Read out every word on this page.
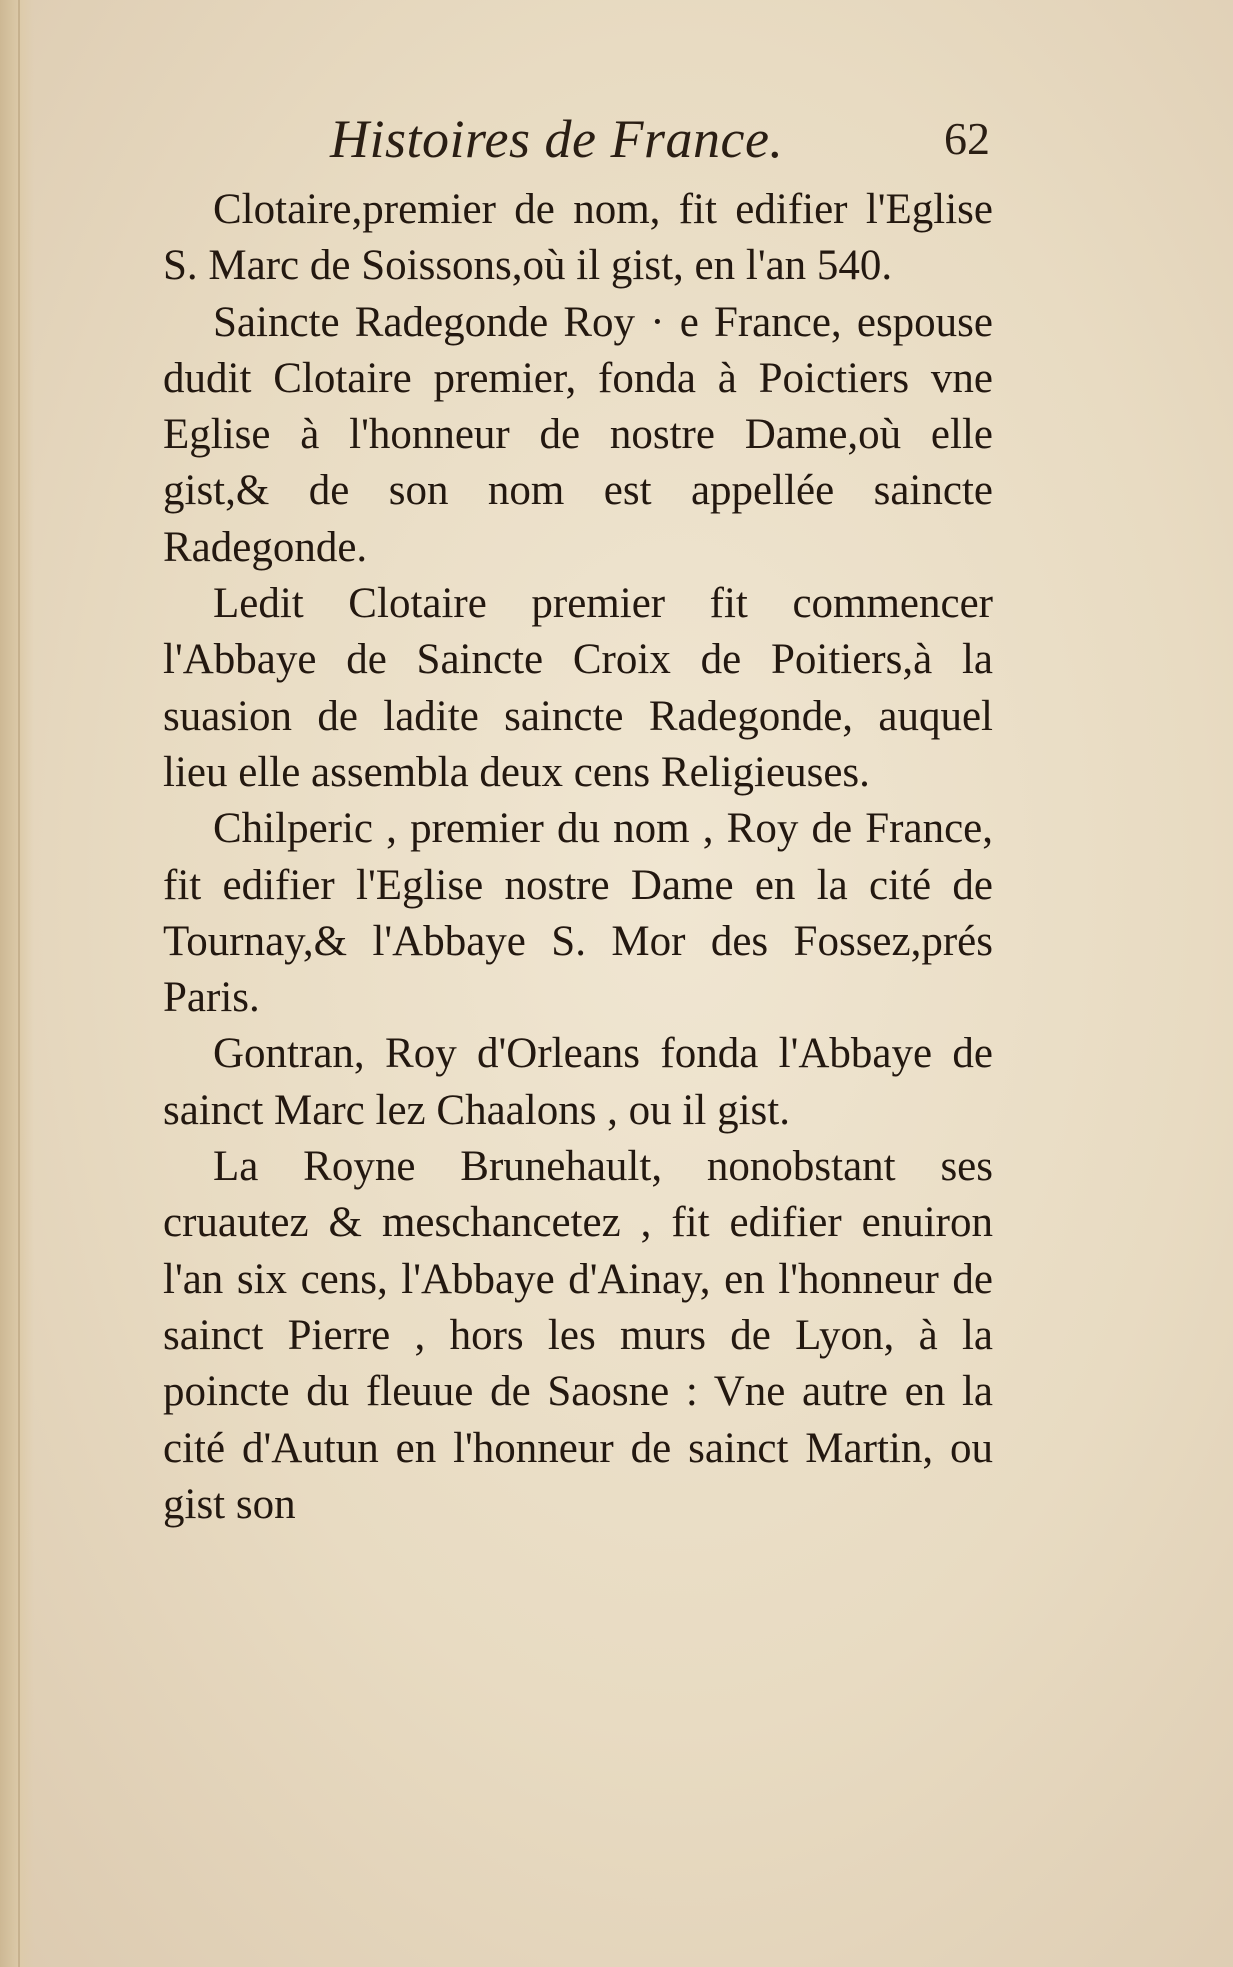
Histoires de France.	62

Clotaire,premier de nom, fit edifier l'Eglise S. Marc de Soissons,où il gist, en l'an 540.

Saincte Radegonde Roy · e France, espouse dudit Clotaire premier, fonda à Poictiers vne Eglise à l'honneur de nostre Dame,où elle gist,& de son nom est appellée saincte Radegonde.

Ledit Clotaire premier fit commencer l'Abbaye de Saincte Croix de Poitiers,à la suasion de ladite saincte Radegonde, auquel lieu elle assembla deux cens Religieuses.

Chilperic , premier du nom , Roy de France, fit edifier l'Eglise nostre Dame en la cité de Tournay,& l'Abbaye S. Mor des Fossez,prés Paris.

Gontran, Roy d'Orleans fonda l'Abbaye de sainct Marc lez Chaalons , ou il gist.

La Royne Brunehault, nonobstant ses cruautez & meschancetez , fit edifier enuiron l'an six cens, l'Abbaye d'Ainay, en l'honneur de sainct Pierre , hors les murs de Lyon, à la poincte du fleuue de Saosne : Vne autre en la cité d'Autun en l'honneur de sainct Martin, ou gist son
